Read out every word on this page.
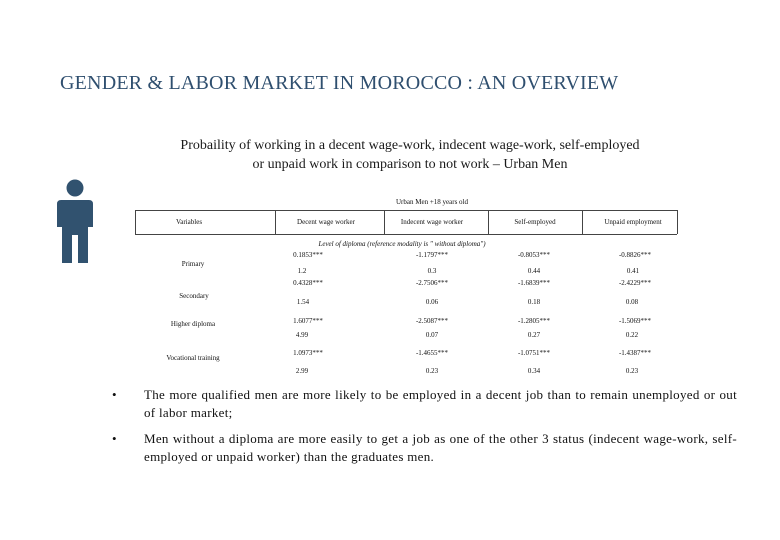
GENDER & LABOR MARKET IN MOROCCO : AN OVERVIEW
Probaility of working in a decent wage-work, indecent wage-work, self-employed
or unpaid work in comparison to not work – Urban Men
Urban Men +18 years old
Variables	Decent wage worker	Indecent wage worker	Self-employed	Unpaid employment
Level of diploma (reference modality is " without diploma")
Primary
0.1853***	-1.1797***	-0.8053***	-0.8826***
1.2	0.3	0.44	0.41
Secondary
0.4328***	-2.7506***	-1.6839***	-2.4229***
1.54	0.06	0.18	0.08
Higher diploma	1.6077***	-2.5087***	-1.2805***	-1.5069***
4.99	0.07	0.27	0.22
Vocational training
1.0973***	-1.4655***	-1.0751***	-1.4387***
2.99	0.23	0.34	0.23
• The more qualified men are more likely to be employed in a decent job than to remain unemployed or out of labor market;
• Men without a diploma are more easily to get a job as one of the other 3 status (indecent wage-work, self-employed or unpaid worker) than the graduates men.
